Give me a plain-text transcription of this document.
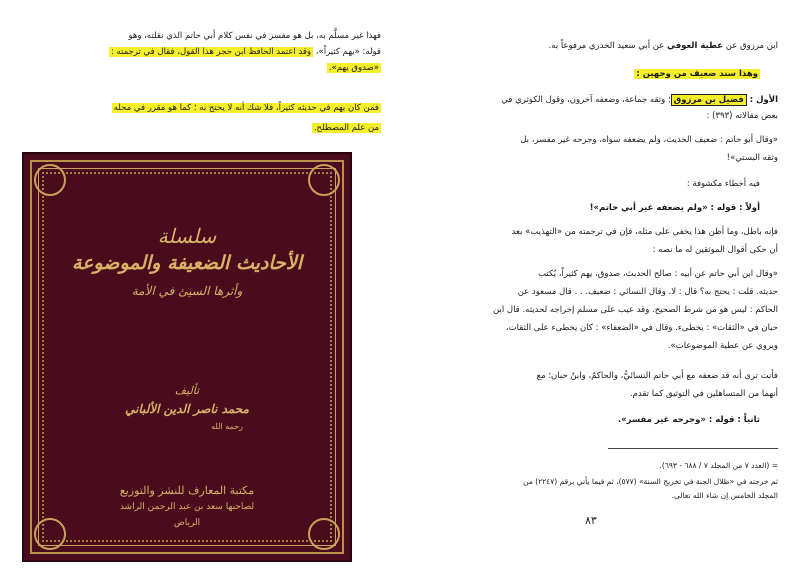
فهذا غير مسلَّم به، بل هو مفسر في نفس كلام أبي حاتم الذي نقلته، وهو
قوله: «يهم كثيراً»، وقد اعتمد الحافظ ابن حجر هذا القول، فقال في ترجمته :
«صدوق يهم».
فمن كان يهم في حديثه كثيراً، فلا شك أنه لا يحتج به ؛ كما هو مقرر في محله
من علم المصطلح.
سلسلة
الأحاديث الضعيفة والموضوعة
وأثرها السيئ في الأمة
تأليف
محمد ناصر الدين الألباني
رحمه الله
مكتبة المعارف للنشر والتوزيع
لصاحبها سعد بن عبد الرحمن الراشد
الرياض
ابن مرزوق عن عطية العوفي عن أبي سعيد الخدري مرفوعاً به.
وهذا سند ضعيف من وجهين :
الأول : فضيل بن مرزوق؛ وثقه جماعة، وضعفه آخرون، وقول الكوثري في
بعض مقالاته (٣٩٣) :
«وقال أبو حاتم : ضعيف الحديث، ولم يضعفه سواه، وجرحه غير مفسر، بل
وثقه البستي»!
فيه أخطاء مكشوفة :
أولاً : قوله : «ولم يضعفه غير أبي حاتم»!
فإنه باطل، وما أظن هذا يخفى على مثله، فإن في ترجمته من «التهذيب» بعد
أن حكى أقوال الموثقين له ما نصه :
«وقال ابن أبي حاتم عن أبيه : صالح الحديث، صدوق، يهم كثيراً، يُكتب
حديثه. قلت : يحتج به؟ قال : لا. وقال النسائي : ضعيف. . . قال مسعود عن
الحاكم : ليس هو من شرط الصحيح. وقد عيب على مسلم إخراجه لحديثه. قال ابن
حبان في «الثقات» : يخطىء. وقال في «الضعفاء» : كان يخطىء على الثقات،
ويروي عن عطية الموضوعات».
فأنت ترى أنه قد ضعفه مع أبي حاتم النسائيُّ، والحاكمُ، وابنُ حبان؛ مع
أنهما من المتساهلين في التوثيق كما تقدم.
ثانياً : قوله : «وجرحه غير مفسر».
= (العدد ٧ من المجلد ٧ / ٦٨٨ - ٦٩٣).
ثم خرجته في «ظلال الجنة في تخريج السنة» (٥٧٧)، ثم فيما يأتي برقم (٢٢٤٧) من
المجلد الخامس إن شاء الله تعالى.
٨٣
